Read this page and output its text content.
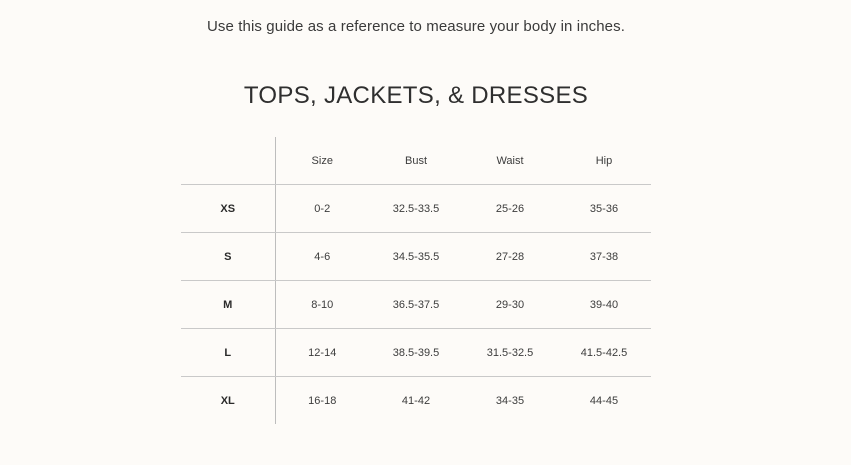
Use this guide as a reference to measure your body in inches.
TOPS, JACKETS, & DRESSES
	Size	Bust	Waist	Hip
XS	0-2	32.5-33.5	25-26	35-36
S	4-6	34.5-35.5	27-28	37-38
M	8-10	36.5-37.5	29-30	39-40
L	12-14	38.5-39.5	31.5-32.5	41.5-42.5
XL	16-18	41-42	34-35	44-45
